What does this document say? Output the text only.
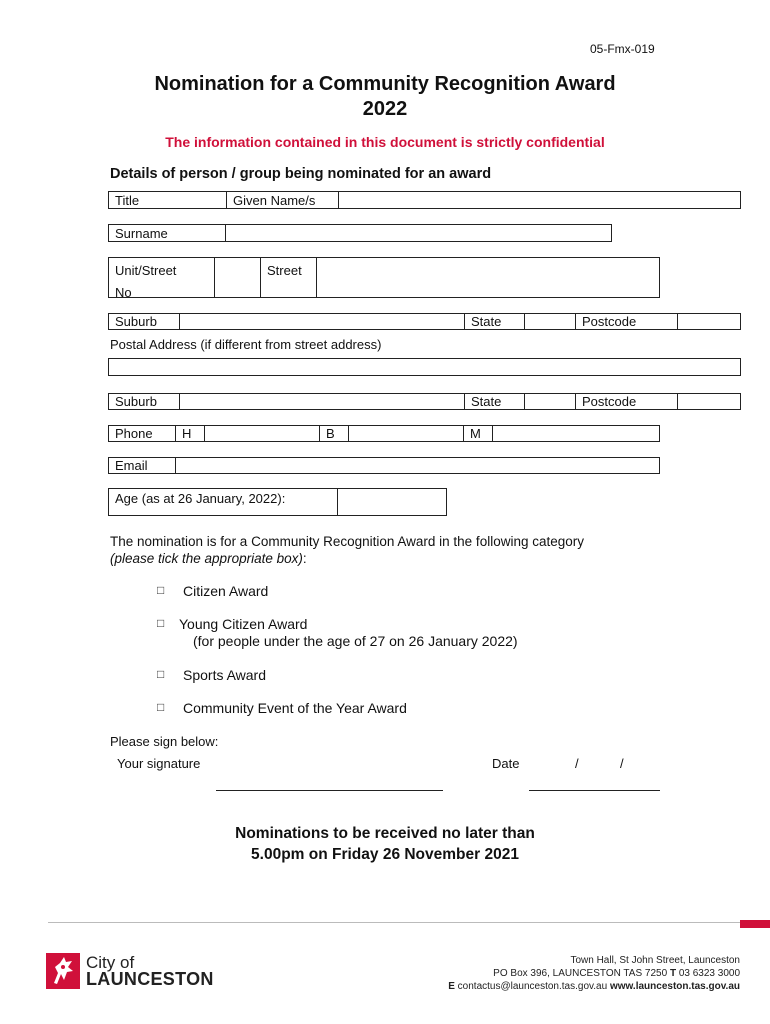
05-Fmx-019
Nomination for a Community Recognition Award
2022
The information contained in this document is strictly confidential
Details of person / group being nominated for an award
Title	Given Name/s
Surname
Unit/Street
No
Street
Suburb	State	Postcode
Postal Address (if different from street address)
Suburb	State	Postcode
Phone	H	B	M
Email
Age (as at 26 January, 2022):
The nomination is for a Community Recognition Award in the following category
(please tick the appropriate box):
□	Citizen Award
□	Young Citizen Award
(for people under the age of 27 on 26 January 2022)
□	Sports Award
□	Community Event of the Year Award
Please sign below:
Your signature	Date	/	/
Nominations to be received no later than
5.00pm on Friday 26 November 2021
City of
LAUNCESTON
Town Hall, St John Street, Launceston
PO Box 396, LAUNCESTON TAS 7250 T 03 6323 3000
E contactus@launceston.tas.gov.au www.launceston.tas.gov.au
